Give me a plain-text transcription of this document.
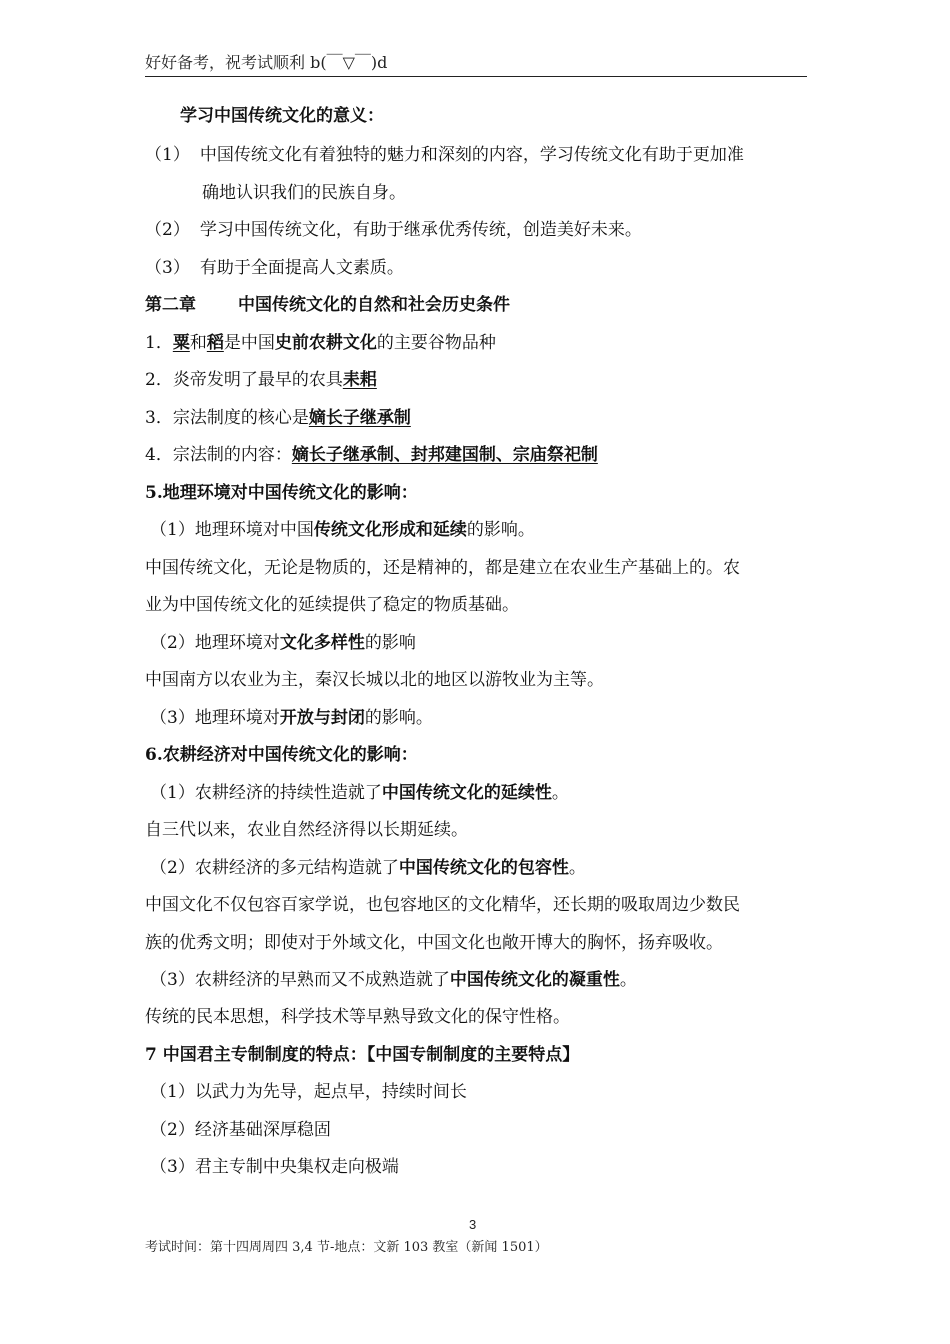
好好备考，祝考试顺利 b(￣▽￣)d
学习中国传统文化的意义：
（1） 中国传统文化有着独特的魅力和深刻的内容，学习传统文化有助于更加准
确地认识我们的民族自身。
（2） 学习中国传统文化，有助于继承优秀传统，创造美好未来。
（3） 有助于全面提高人文素质。
第二章 中国传统文化的自然和社会历史条件
1．粟和稻是中国史前农耕文化的主要谷物品种
2．炎帝发明了最早的农具耒耜
3．宗法制度的核心是嫡长子继承制
4．宗法制的内容：嫡长子继承制、封邦建国制、宗庙祭祀制
5.地理环境对中国传统文化的影响：
（1）地理环境对中国传统文化形成和延续的影响。
中国传统文化，无论是物质的，还是精神的，都是建立在农业生产基础上的。农
业为中国传统文化的延续提供了稳定的物质基础。
（2）地理环境对文化多样性的影响
中国南方以农业为主，秦汉长城以北的地区以游牧业为主等。
（3）地理环境对开放与封闭的影响。
6.农耕经济对中国传统文化的影响：
（1）农耕经济的持续性造就了中国传统文化的延续性。
自三代以来，农业自然经济得以长期延续。
（2）农耕经济的多元结构造就了中国传统文化的包容性。
中国文化不仅包容百家学说，也包容地区的文化精华，还长期的吸取周边少数民
族的优秀文明；即使对于外域文化，中国文化也敞开博大的胸怀，扬弃吸收。
（3）农耕经济的早熟而又不成熟造就了中国传统文化的凝重性。
传统的民本思想，科学技术等早熟导致文化的保守性格。
7 中国君主专制制度的特点：【中国专制制度的主要特点】
（1）以武力为先导，起点早，持续时间长
（2）经济基础深厚稳固
（3）君主专制中央集权走向极端
3
考试时间：第十四周周四 3,4 节-地点：文新 103 教室（新闻 1501）
